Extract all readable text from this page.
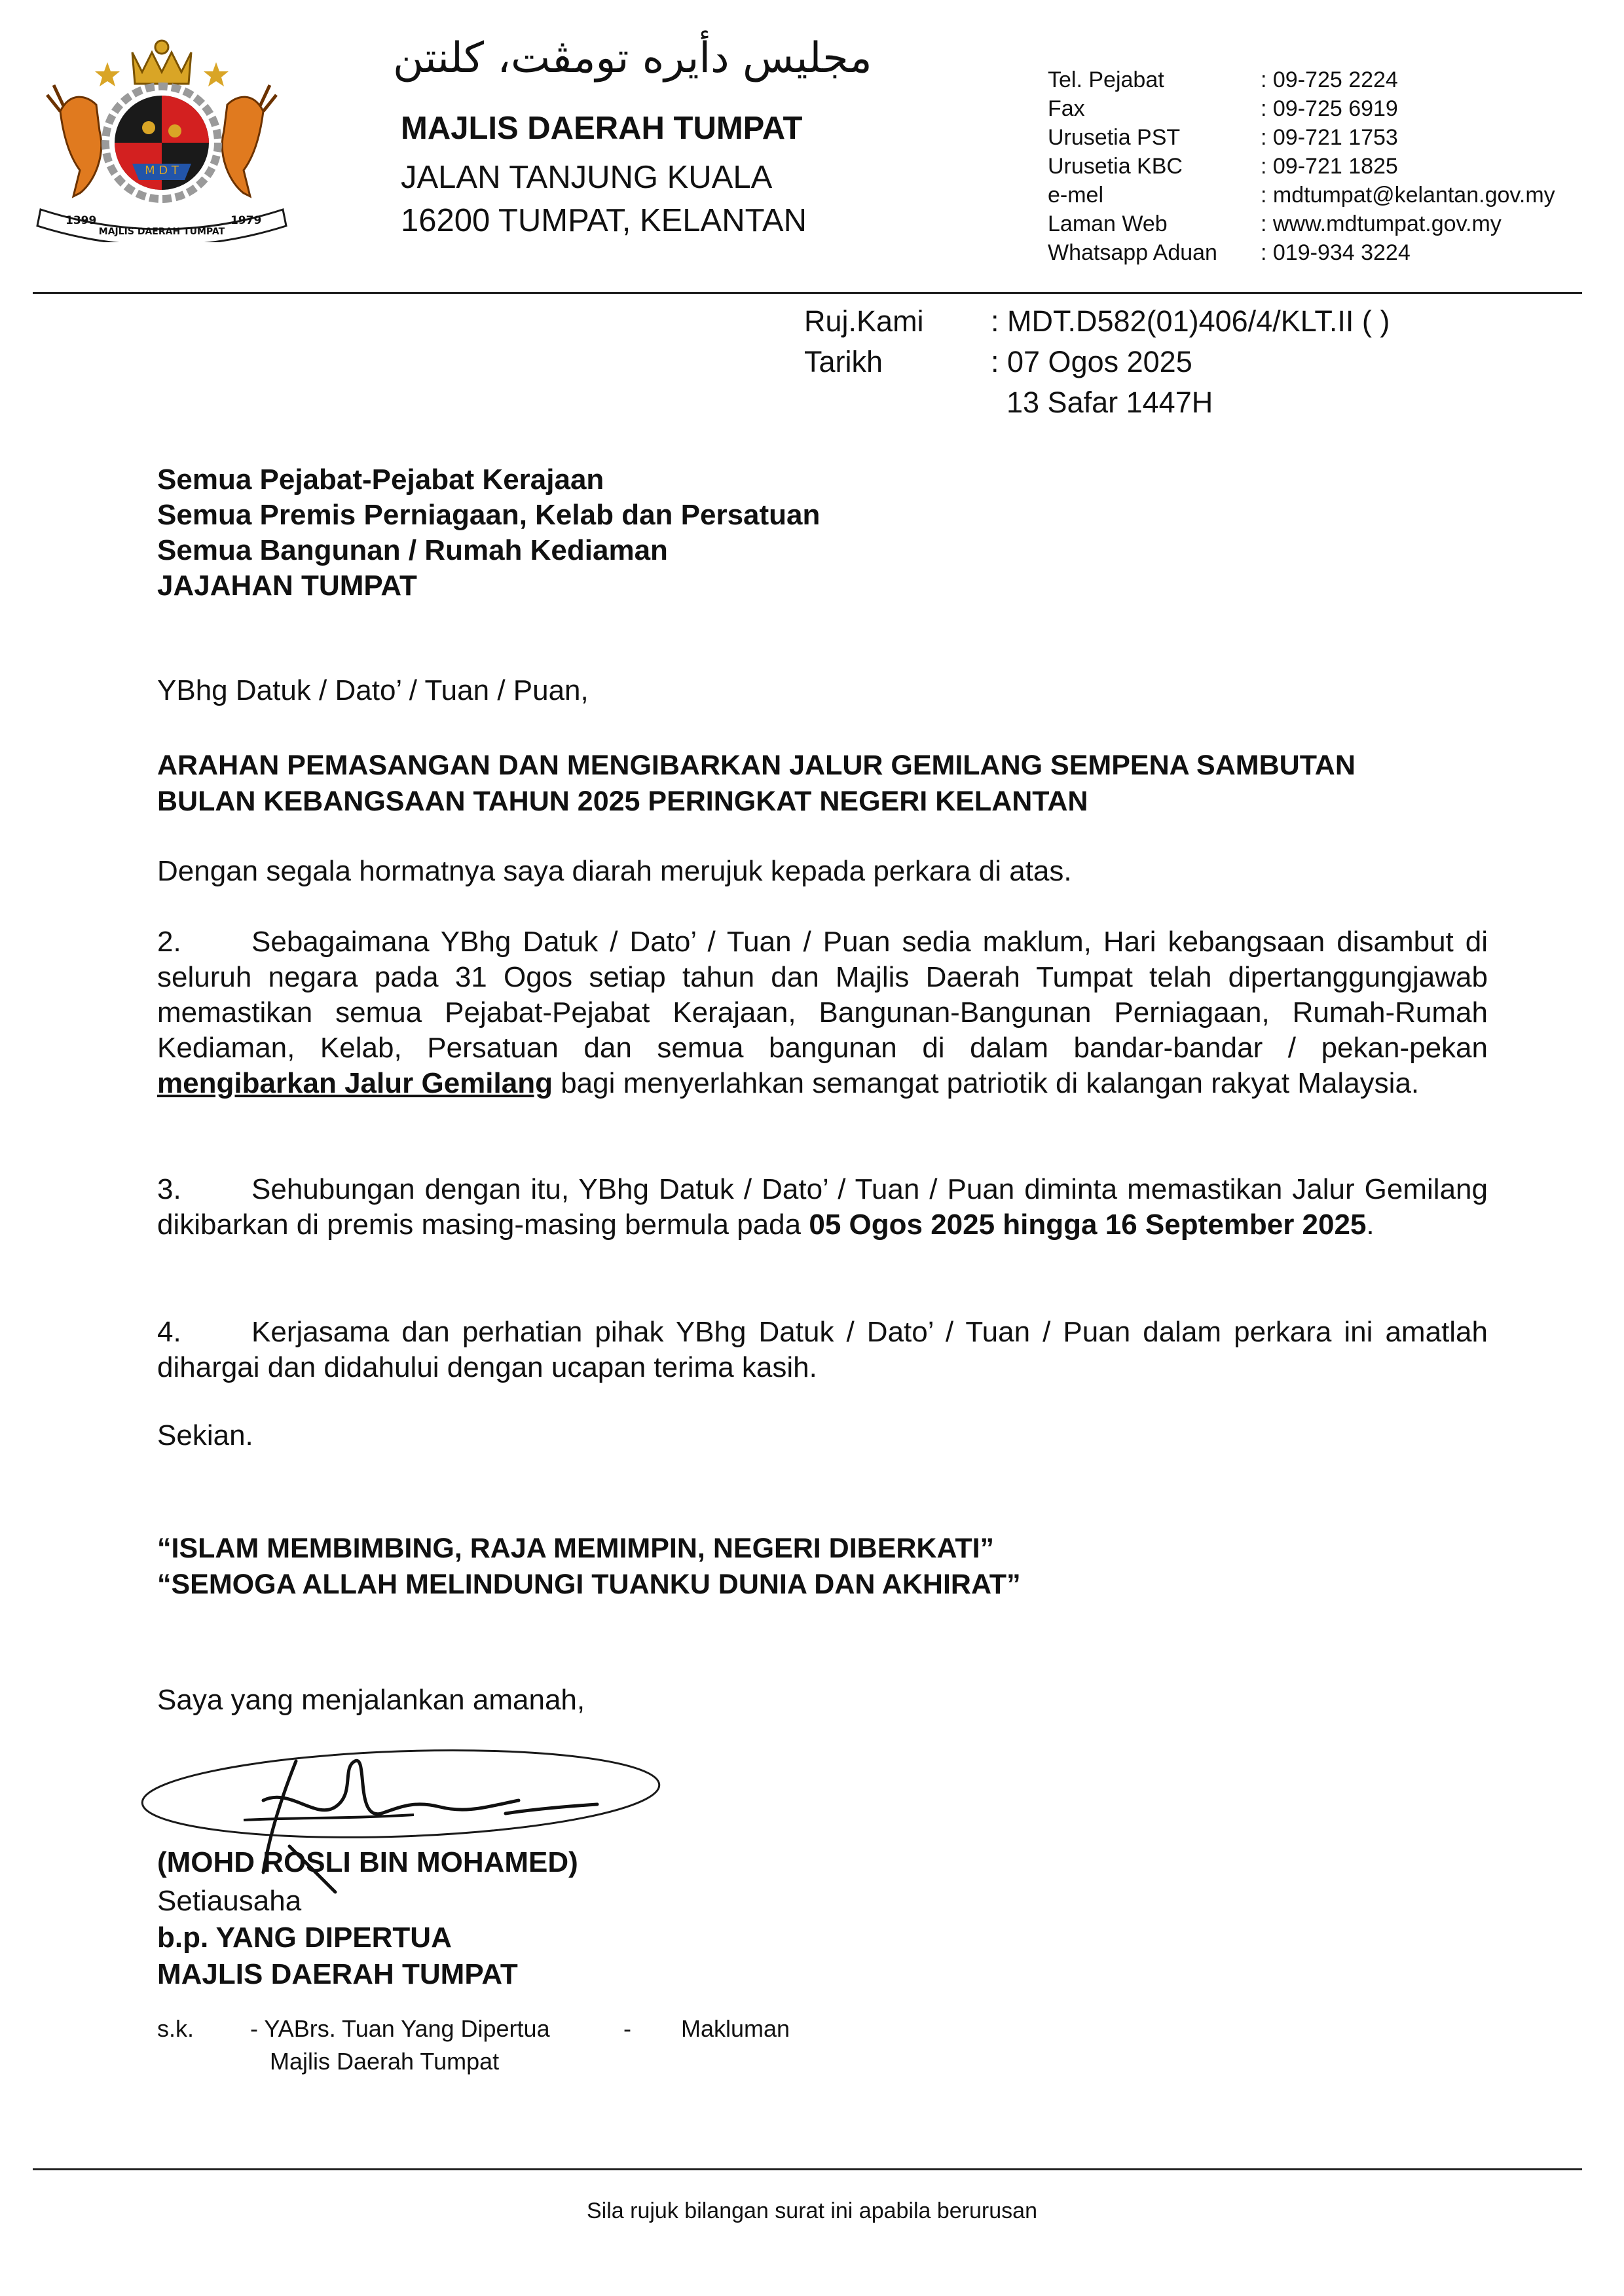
M D T
1399	1979
MAJLIS DAERAH TUMPAT
مجليس دأيره تومڤت، كلنتن
MAJLIS DAERAH TUMPAT
JALAN TANJUNG KUALA
16200 TUMPAT, KELANTAN
Tel. Pejabat	: 09-725 2224
Fax	: 09-725 6919
Urusetia PST	: 09-721 1753
Urusetia KBC	: 09-721 1825
e-mel	: mdtumpat@kelantan.gov.my
Laman Web	: www.mdtumpat.gov.my
Whatsapp Aduan	: 019-934 3224
Ruj.Kami	: MDT.D582(01)406/4/KLT.II ( )
Tarikh	: 07 Ogos 2025
13 Safar 1447H
Semua Pejabat-Pejabat Kerajaan
Semua Premis Perniagaan, Kelab dan Persatuan
Semua Bangunan / Rumah Kediaman
JAJAHAN TUMPAT
YBhg Datuk / Dato’ / Tuan / Puan,
ARAHAN PEMASANGAN DAN MENGIBARKAN JALUR GEMILANG SEMPENA SAMBUTAN
BULAN KEBANGSAAN TAHUN 2025 PERINGKAT NEGERI KELANTAN
Dengan segala hormatnya saya diarah merujuk kepada perkara di atas.
2. Sebagaimana YBhg Datuk / Dato’ / Tuan / Puan sedia maklum, Hari kebangsaan disambut di seluruh negara pada 31 Ogos setiap tahun dan Majlis Daerah Tumpat telah dipertanggungjawab memastikan semua Pejabat-Pejabat Kerajaan, Bangunan-Bangunan Perniagaan, Rumah-Rumah Kediaman, Kelab, Persatuan dan semua bangunan di dalam bandar-bandar / pekan-pekan mengibarkan Jalur Gemilang bagi menyerlahkan semangat patriotik di kalangan rakyat Malaysia.
3. Sehubungan dengan itu, YBhg Datuk / Dato’ / Tuan / Puan diminta memastikan Jalur Gemilang dikibarkan di premis masing-masing bermula pada 05 Ogos 2025 hingga 16 September 2025.
4. Kerjasama dan perhatian pihak YBhg Datuk / Dato’ / Tuan / Puan dalam perkara ini amatlah dihargai dan didahului dengan ucapan terima kasih.
Sekian.
“ISLAM MEMBIMBING, RAJA MEMIMPIN, NEGERI DIBERKATI”
“SEMOGA ALLAH MELINDUNGI TUANKU DUNIA DAN AKHIRAT”
Saya yang menjalankan amanah,
(MOHD ROSLI BIN MOHAMED)
Setiausaha
b.p. YANG DIPERTUA
MAJLIS DAERAH TUMPAT
s.k.	- YABrs. Tuan Yang Dipertua	-	Makluman
Majlis Daerah Tumpat
Sila rujuk bilangan surat ini apabila berurusan
